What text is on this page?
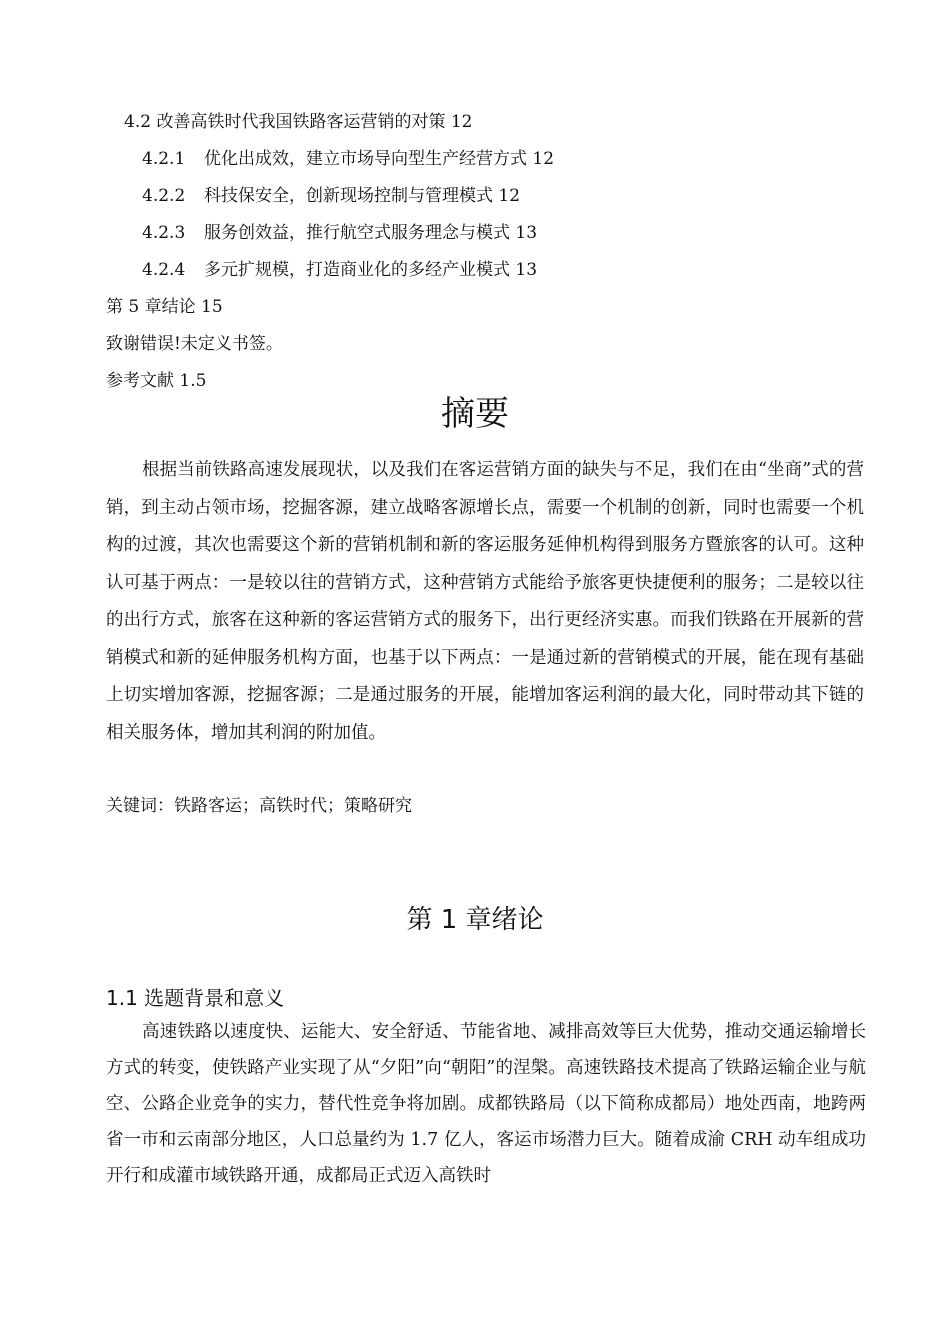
4.2 改善高铁时代我国铁路客运营销的对策 12
4.2.1 优化出成效，建立市场导向型生产经营方式 12
4.2.2 科技保安全，创新现场控制与管理模式 12
4.2.3 服务创效益，推行航空式服务理念与模式 13
4.2.4 多元扩规模，打造商业化的多经产业模式 13
第 5 章结论 15
致谢错误!未定义书签。
参考文献 1.5
摘要
根据当前铁路高速发展现状，以及我们在客运营销方面的缺失与不足，我们在由“坐商”式的营销，到主动占领市场，挖掘客源，建立战略客源增长点，需要一个机制的创新，同时也需要一个机构的过渡，其次也需要这个新的营销机制和新的客运服务延伸机构得到服务方暨旅客的认可。这种认可基于两点：一是较以往的营销方式，这种营销方式能给予旅客更快捷便利的服务；二是较以往的出行方式，旅客在这种新的客运营销方式的服务下，出行更经济实惠。而我们铁路在开展新的营销模式和新的延伸服务机构方面，也基于以下两点：一是通过新的营销模式的开展，能在现有基础上切实增加客源，挖掘客源；二是通过服务的开展，能增加客运利润的最大化，同时带动其下链的相关服务体，增加其利润的附加值。
关键词：铁路客运；高铁时代；策略研究
第 1 章绪论
1.1 选题背景和意义
高速铁路以速度快、运能大、安全舒适、节能省地、减排高效等巨大优势，推动交通运输增长方式的转变，使铁路产业实现了从“夕阳”向“朝阳”的涅槃。高速铁路技术提高了铁路运输企业与航空、公路企业竞争的实力，替代性竞争将加剧。成都铁路局（以下简称成都局）地处西南，地跨两省一市和云南部分地区，人口总量约为 1.7 亿人，客运市场潜力巨大。随着成渝 CRH 动车组成功开行和成灌市域铁路开通，成都局正式迈入高铁时
